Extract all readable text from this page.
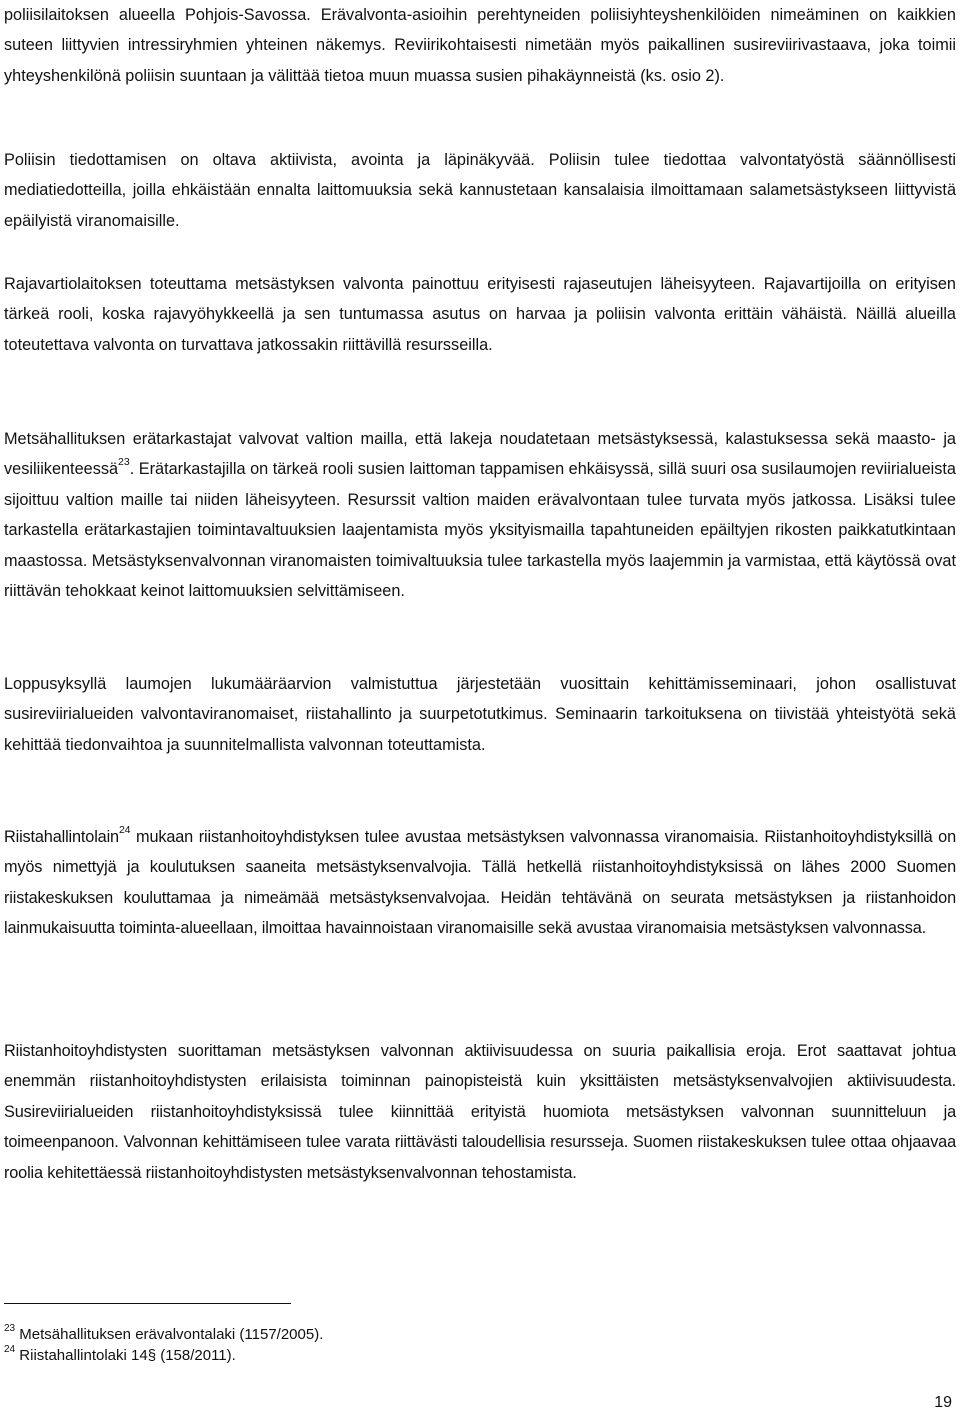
poliisilaitoksen alueella Pohjois-Savossa. Erävalvonta-asioihin perehtyneiden poliisiyhteyshenkilöiden nimeäminen on kaikkien suteen liittyvien intressiryhmien yhteinen näkemys. Reviirikohtaisesti nimetään myös paikallinen susireviirivastaava, joka toimii yhteyshenkilönä poliisin suuntaan ja välittää tietoa muun muassa susien pihakäynneistä (ks. osio 2).

Poliisin tiedottamisen on oltava aktiivista, avointa ja läpinäkyvää. Poliisin tulee tiedottaa valvontatyöstä säännöllisesti mediatiedotteilla, joilla ehkäistään ennalta laittomuuksia sekä kannustetaan kansalaisia ilmoittamaan salametsästykseen liittyvistä epäilyistä viranomaisille.

Rajavartiolaitoksen toteuttama metsästyksen valvonta painottuu erityisesti rajaseutujen läheisyyteen. Rajavartijoilla on erityisen tärkeä rooli, koska rajavyöhykkeellä ja sen tuntumassa asutus on harvaa ja poliisin valvonta erittäin vähäistä. Näillä alueilla toteutettava valvonta on turvattava jatkossakin riittävillä resursseilla.

Metsähallituksen erätarkastajat valvovat valtion mailla, että lakeja noudatetaan metsästyksessä, kalastuksessa sekä maasto- ja vesiliikenteessä$^{23}$. Erätarkastajilla on tärkeä rooli susien laittoman tappamisen ehkäisyssä, sillä suuri osa susilaumojen reviirialueista sijoittuu valtion maille tai niiden läheisyyteen. Resurssit valtion maiden erävalvontaan tulee turvata myös jatkossa. Lisäksi tulee tarkastella erätarkastajien toimintavaltuuksien laajentamista myös yksityismailla tapahtuneiden epäiltyjen rikosten paikkatutkintaan maastossa. Metsästyksenvalvonnan viranomaisten toimivaltuuksia tulee tarkastella myös laajemmin ja varmistaa, että käytössä ovat riittävän tehokkaat keinot laittomuuksien selvittämiseen.

Loppusyksyllä laumojen lukumääräarvion valmistuttua järjestetään vuosittain kehittämisseminaari, johon osallistuvat susireviirialueiden valvontaviranomaiset, riistahallinto ja suurpetotutkimus. Seminaarin tarkoituksena on tiivistää yhteistyötä sekä kehittää tiedonvaihtoa ja suunnitelmallista valvonnan toteuttamista.

Riistahallintolain$^{24}$ mukaan riistanhoitoyhdistyksen tulee avustaa metsästyksen valvonnassa viranomaisia. Riistanhoitoyhdistyksillä on myös nimettyjä ja koulutuksen saaneita metsästyksenvalvojia. Tällä hetkellä riistanhoitoyhdistyksissä on lähes 2000 Suomen riistakeskuksen kouluttamaa ja nimeämää metsästyksenvalvojaa. Heidän tehtävänä on seurata metsästyksen ja riistanhoidon lainmukaisuutta toiminta-alueellaan, ilmoittaa havainnoistaan viranomaisille sekä avustaa viranomaisia metsästyksen valvonnassa.

Riistanhoitoyhdistysten suorittaman metsästyksen valvonnan aktiivisuudessa on suuria paikallisia eroja. Erot saattavat johtua enemmän riistanhoitoyhdistysten erilaisista toiminnan painopisteistä kuin yksittäisten metsästyksenvalvojien aktiivisuudesta. Susireviirialueiden riistanhoitoyhdistyksissä tulee kiinnittää erityistä huomiota metsästyksen valvonnan suunnitteluun ja toimeenpanoon. Valvonnan kehittämiseen tulee varata riittävästi taloudellisia resursseja. Suomen riistakeskuksen tulee ottaa ohjaavaa roolia kehitettäessä riistanhoitoyhdistysten metsästyksenvalvonnan tehostamista.

$^{23}$ Metsähallituksen erävalvontalaki (1157/2005).

$^{24}$ Riistahallintolaki 14§ (158/2011).

19
